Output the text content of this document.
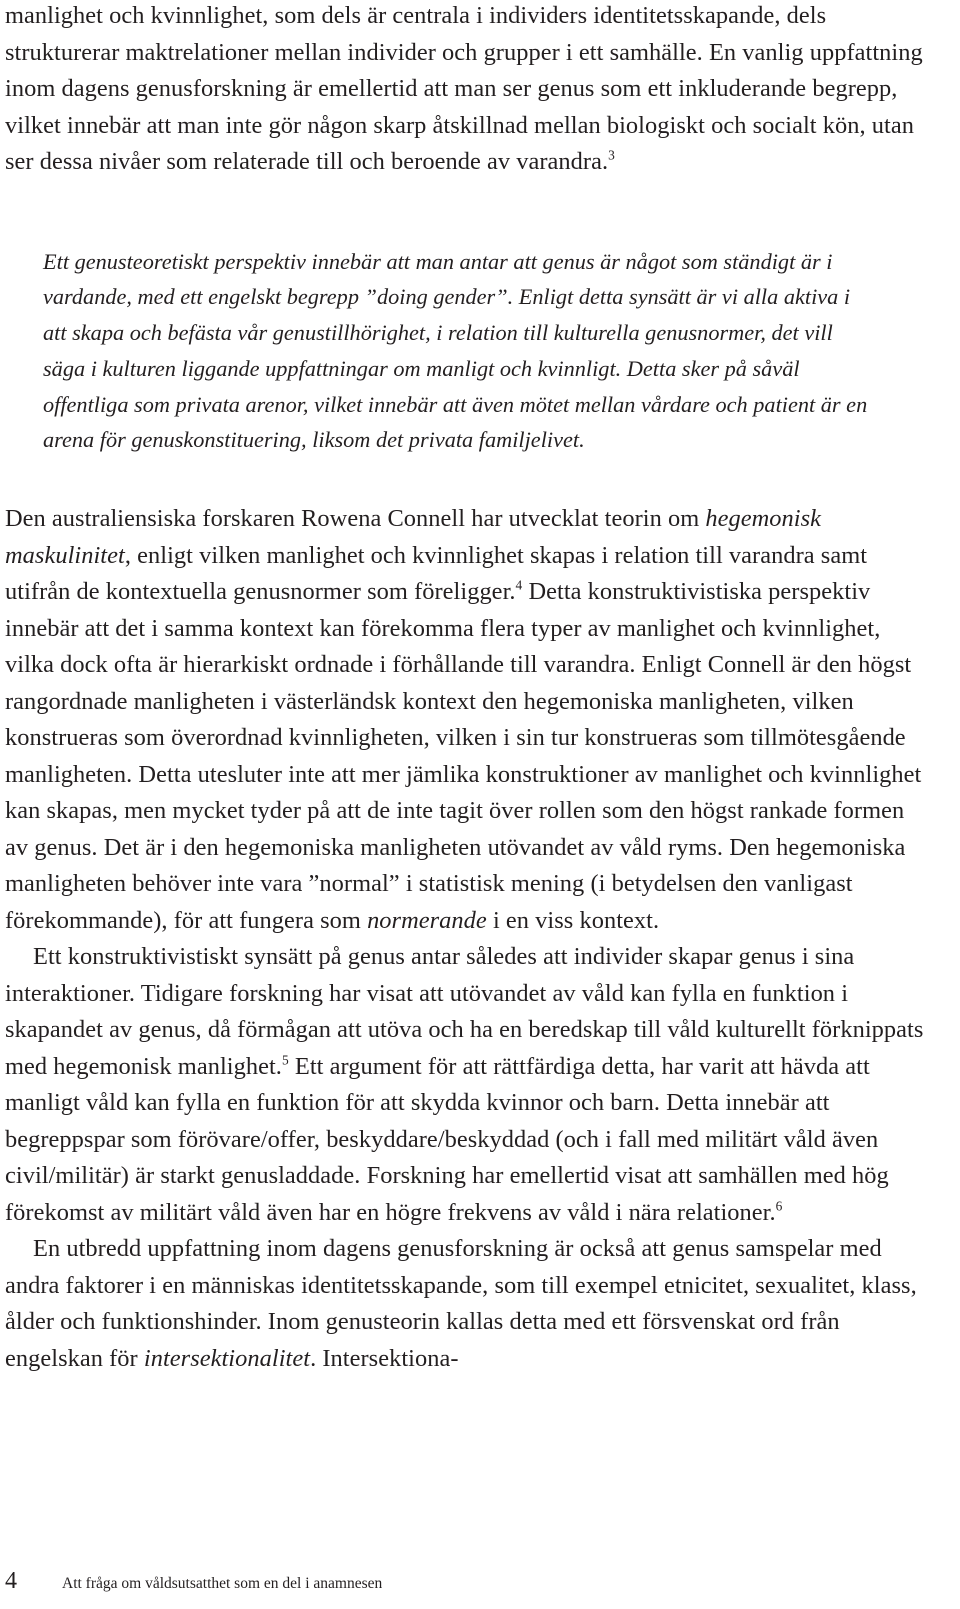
manlighet och kvinnlighet, som dels är centrala i individers identitetsskapande, dels strukturerar maktrelationer mellan individer och grupper i ett samhälle. En vanlig uppfattning inom dagens genusforskning är emellertid att man ser genus som ett inkluderande begrepp, vilket innebär att man inte gör någon skarp åtskillnad mellan biologiskt och socialt kön, utan ser dessa nivåer som relaterade till och beroende av varandra.$^3$

Ett genusteoretiskt perspektiv innebär att man antar att genus är något som ständigt är i vardande, med ett engelskt begrepp ”doing gender”. Enligt detta synsätt är vi alla aktiva i att skapa och befästa vår genustillhörighet, i relation till kulturella genusnormer, det vill säga i kulturen liggande uppfattningar om manligt och kvinnligt. Detta sker på såväl offentliga som privata arenor, vilket innebär att även mötet mellan vårdare och patient är en arena för genuskonstituering, liksom det privata familjelivet.

Den australiensiska forskaren Rowena Connell har utvecklat teorin om hegemonisk maskulinitet, enligt vilken manlighet och kvinnlighet skapas i relation till varandra samt utifrån de kontextuella genusnormer som föreligger.$^4$ Detta konstruktivistiska perspektiv innebär att det i samma kontext kan förekomma flera typer av manlighet och kvinnlighet, vilka dock ofta är hierarkiskt ordnade i förhållande till varandra. Enligt Connell är den högst rangordnade manligheten i västerländsk kontext den hegemoniska manligheten, vilken konstrueras som överordnad kvinnligheten, vilken i sin tur konstrueras som tillmötesgående manligheten. Detta utesluter inte att mer jämlika konstruktioner av manlighet och kvinnlighet kan skapas, men mycket tyder på att de inte tagit över rollen som den högst rankade formen av genus. Det är i den hegemoniska manligheten utövandet av våld ryms. Den hegemoniska manligheten behöver inte vara ”normal” i statistisk mening (i betydelsen den vanligast förekommande), för att fungera som normerande i en viss kontext.

Ett konstruktivistiskt synsätt på genus antar således att individer skapar genus i sina interaktioner. Tidigare forskning har visat att utövandet av våld kan fylla en funktion i skapandet av genus, då förmågan att utöva och ha en beredskap till våld kulturellt förknippats med hegemonisk manlighet.$^5$ Ett argument för att rättfärdiga detta, har varit att hävda att manligt våld kan fylla en funktion för att skydda kvinnor och barn. Detta innebär att begreppspar som förövare/offer, beskyddare/beskyddad (och i fall med militärt våld även civil/militär) är starkt genusladdade. Forskning har emellertid visat att samhällen med hög förekomst av militärt våld även har en högre frekvens av våld i nära relationer.$^6$

En utbredd uppfattning inom dagens genusforskning är också att genus samspelar med andra faktorer i en människas identitetsskapande, som till exempel etnicitet, sexualitet, klass, ålder och funktionshinder. Inom genusteorin kallas detta med ett försvenskat ord från engelskan för intersektionalitet. Intersektiona-

4	Att fråga om våldsutsatthet som en del i anamnesen
